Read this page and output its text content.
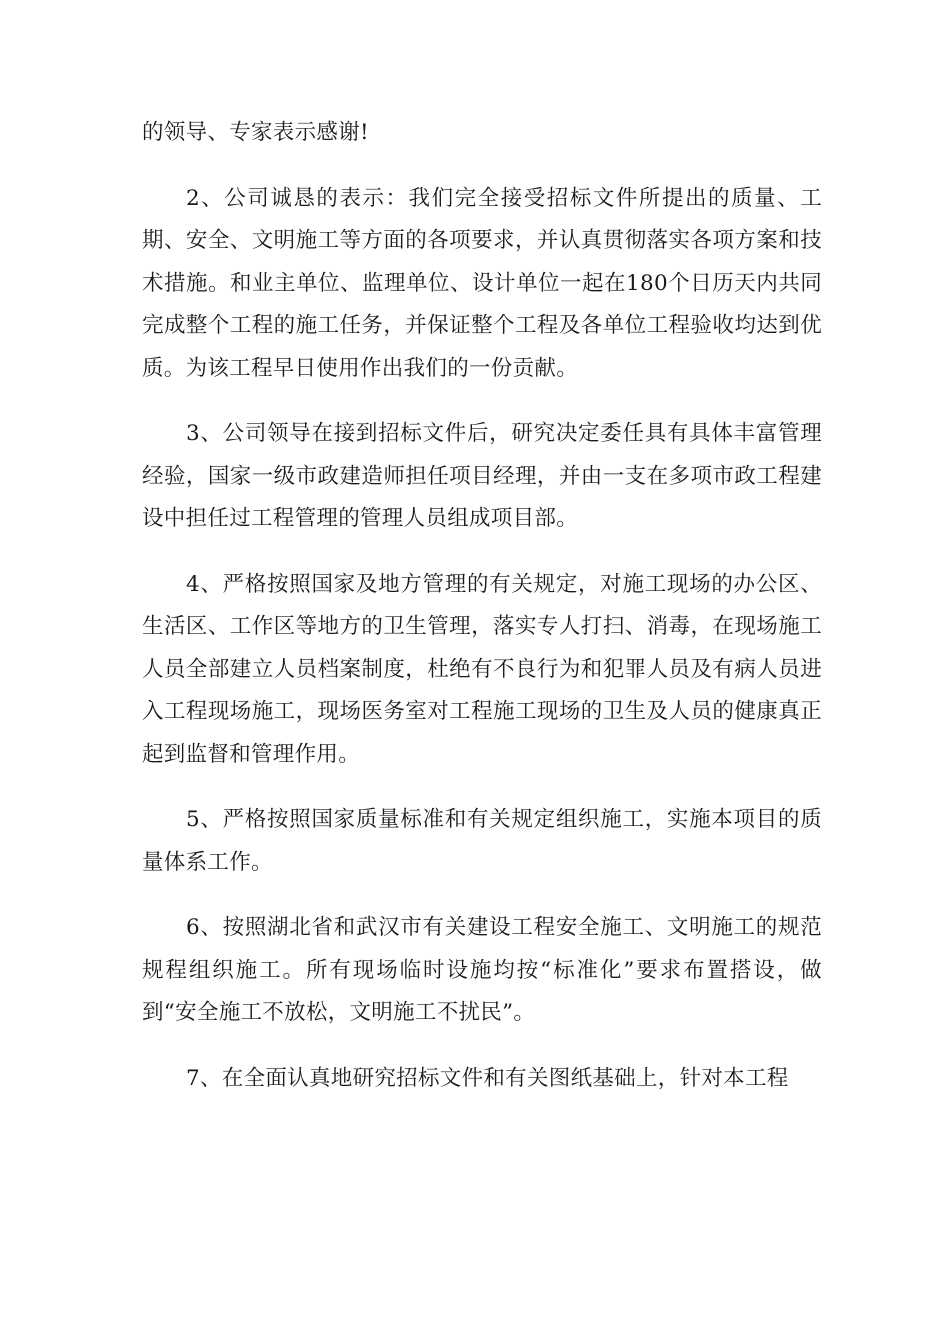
的领导、专家表示感谢!

2、公司诚恳的表示：我们完全接受招标文件所提出的质量、工期、安全、文明施工等方面的各项要求，并认真贯彻落实各项方案和技术措施。和业主单位、监理单位、设计单位一起在180个日历天内共同完成整个工程的施工任务，并保证整个工程及各单位工程验收均达到优质。为该工程早日使用作出我们的一份贡献。

3、公司领导在接到招标文件后，研究决定委任具有具体丰富管理经验，国家一级市政建造师担任项目经理，并由一支在多项市政工程建设中担任过工程管理的管理人员组成项目部。

4、严格按照国家及地方管理的有关规定，对施工现场的办公区、生活区、工作区等地方的卫生管理，落实专人打扫、消毒，在现场施工人员全部建立人员档案制度，杜绝有不良行为和犯罪人员及有病人员进入工程现场施工，现场医务室对工程施工现场的卫生及人员的健康真正起到监督和管理作用。

5、严格按照国家质量标准和有关规定组织施工，实施本项目的质量体系工作。

6、按照湖北省和武汉市有关建设工程安全施工、文明施工的规范规程组织施工。所有现场临时设施均按“标准化”要求布置搭设，做到“安全施工不放松，文明施工不扰民”。

7、在全面认真地研究招标文件和有关图纸基础上，针对本工程
